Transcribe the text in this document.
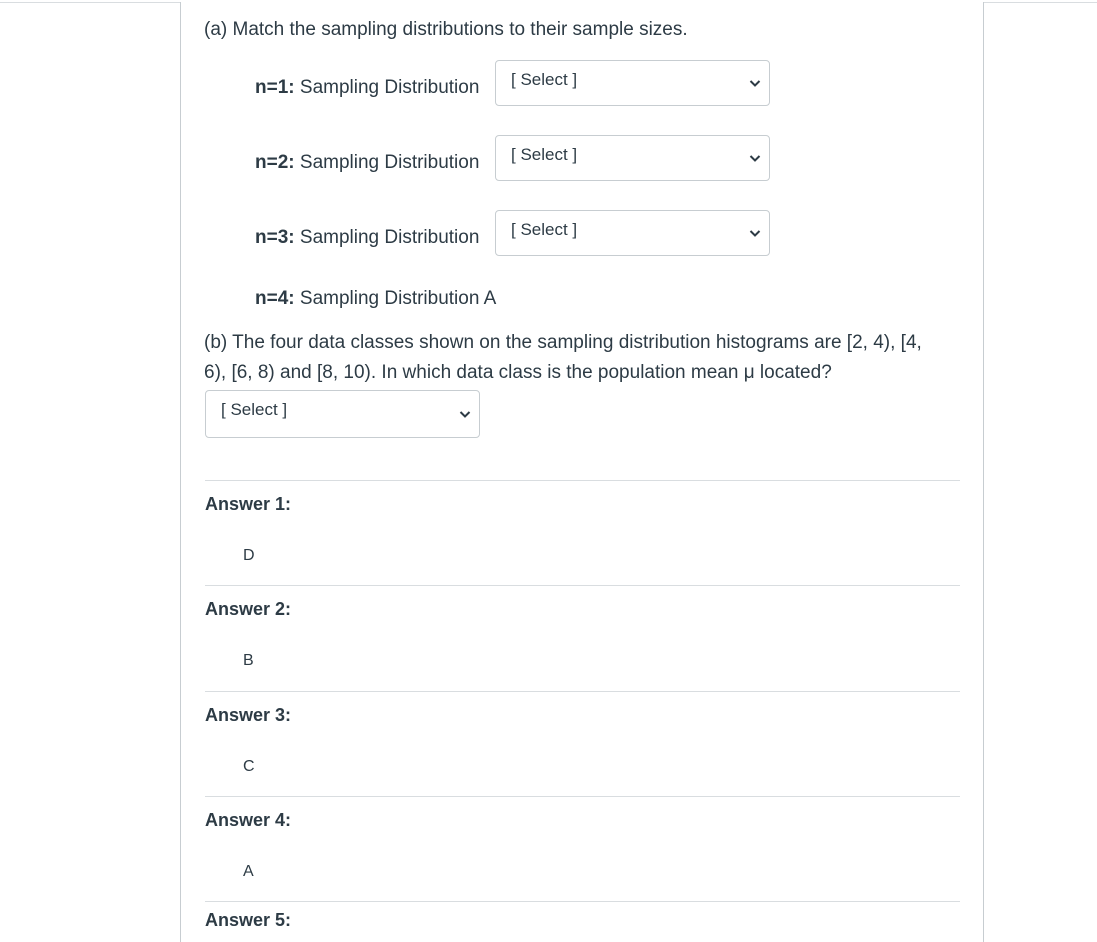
(a) Match the sampling distributions to their sample sizes.
n=1: Sampling Distribution	[ Select ]
n=2: Sampling Distribution	[ Select ]
n=3: Sampling Distribution	[ Select ]
n=4: Sampling Distribution A
(b) The four data classes shown on the sampling distribution histograms are [2, 4), [4,
6), [6, 8) and [8, 10). In which data class is the population mean μ located?
[ Select ]
Answer 1:
D
Answer 2:
B
Answer 3:
C
Answer 4:
A
Answer 5:
